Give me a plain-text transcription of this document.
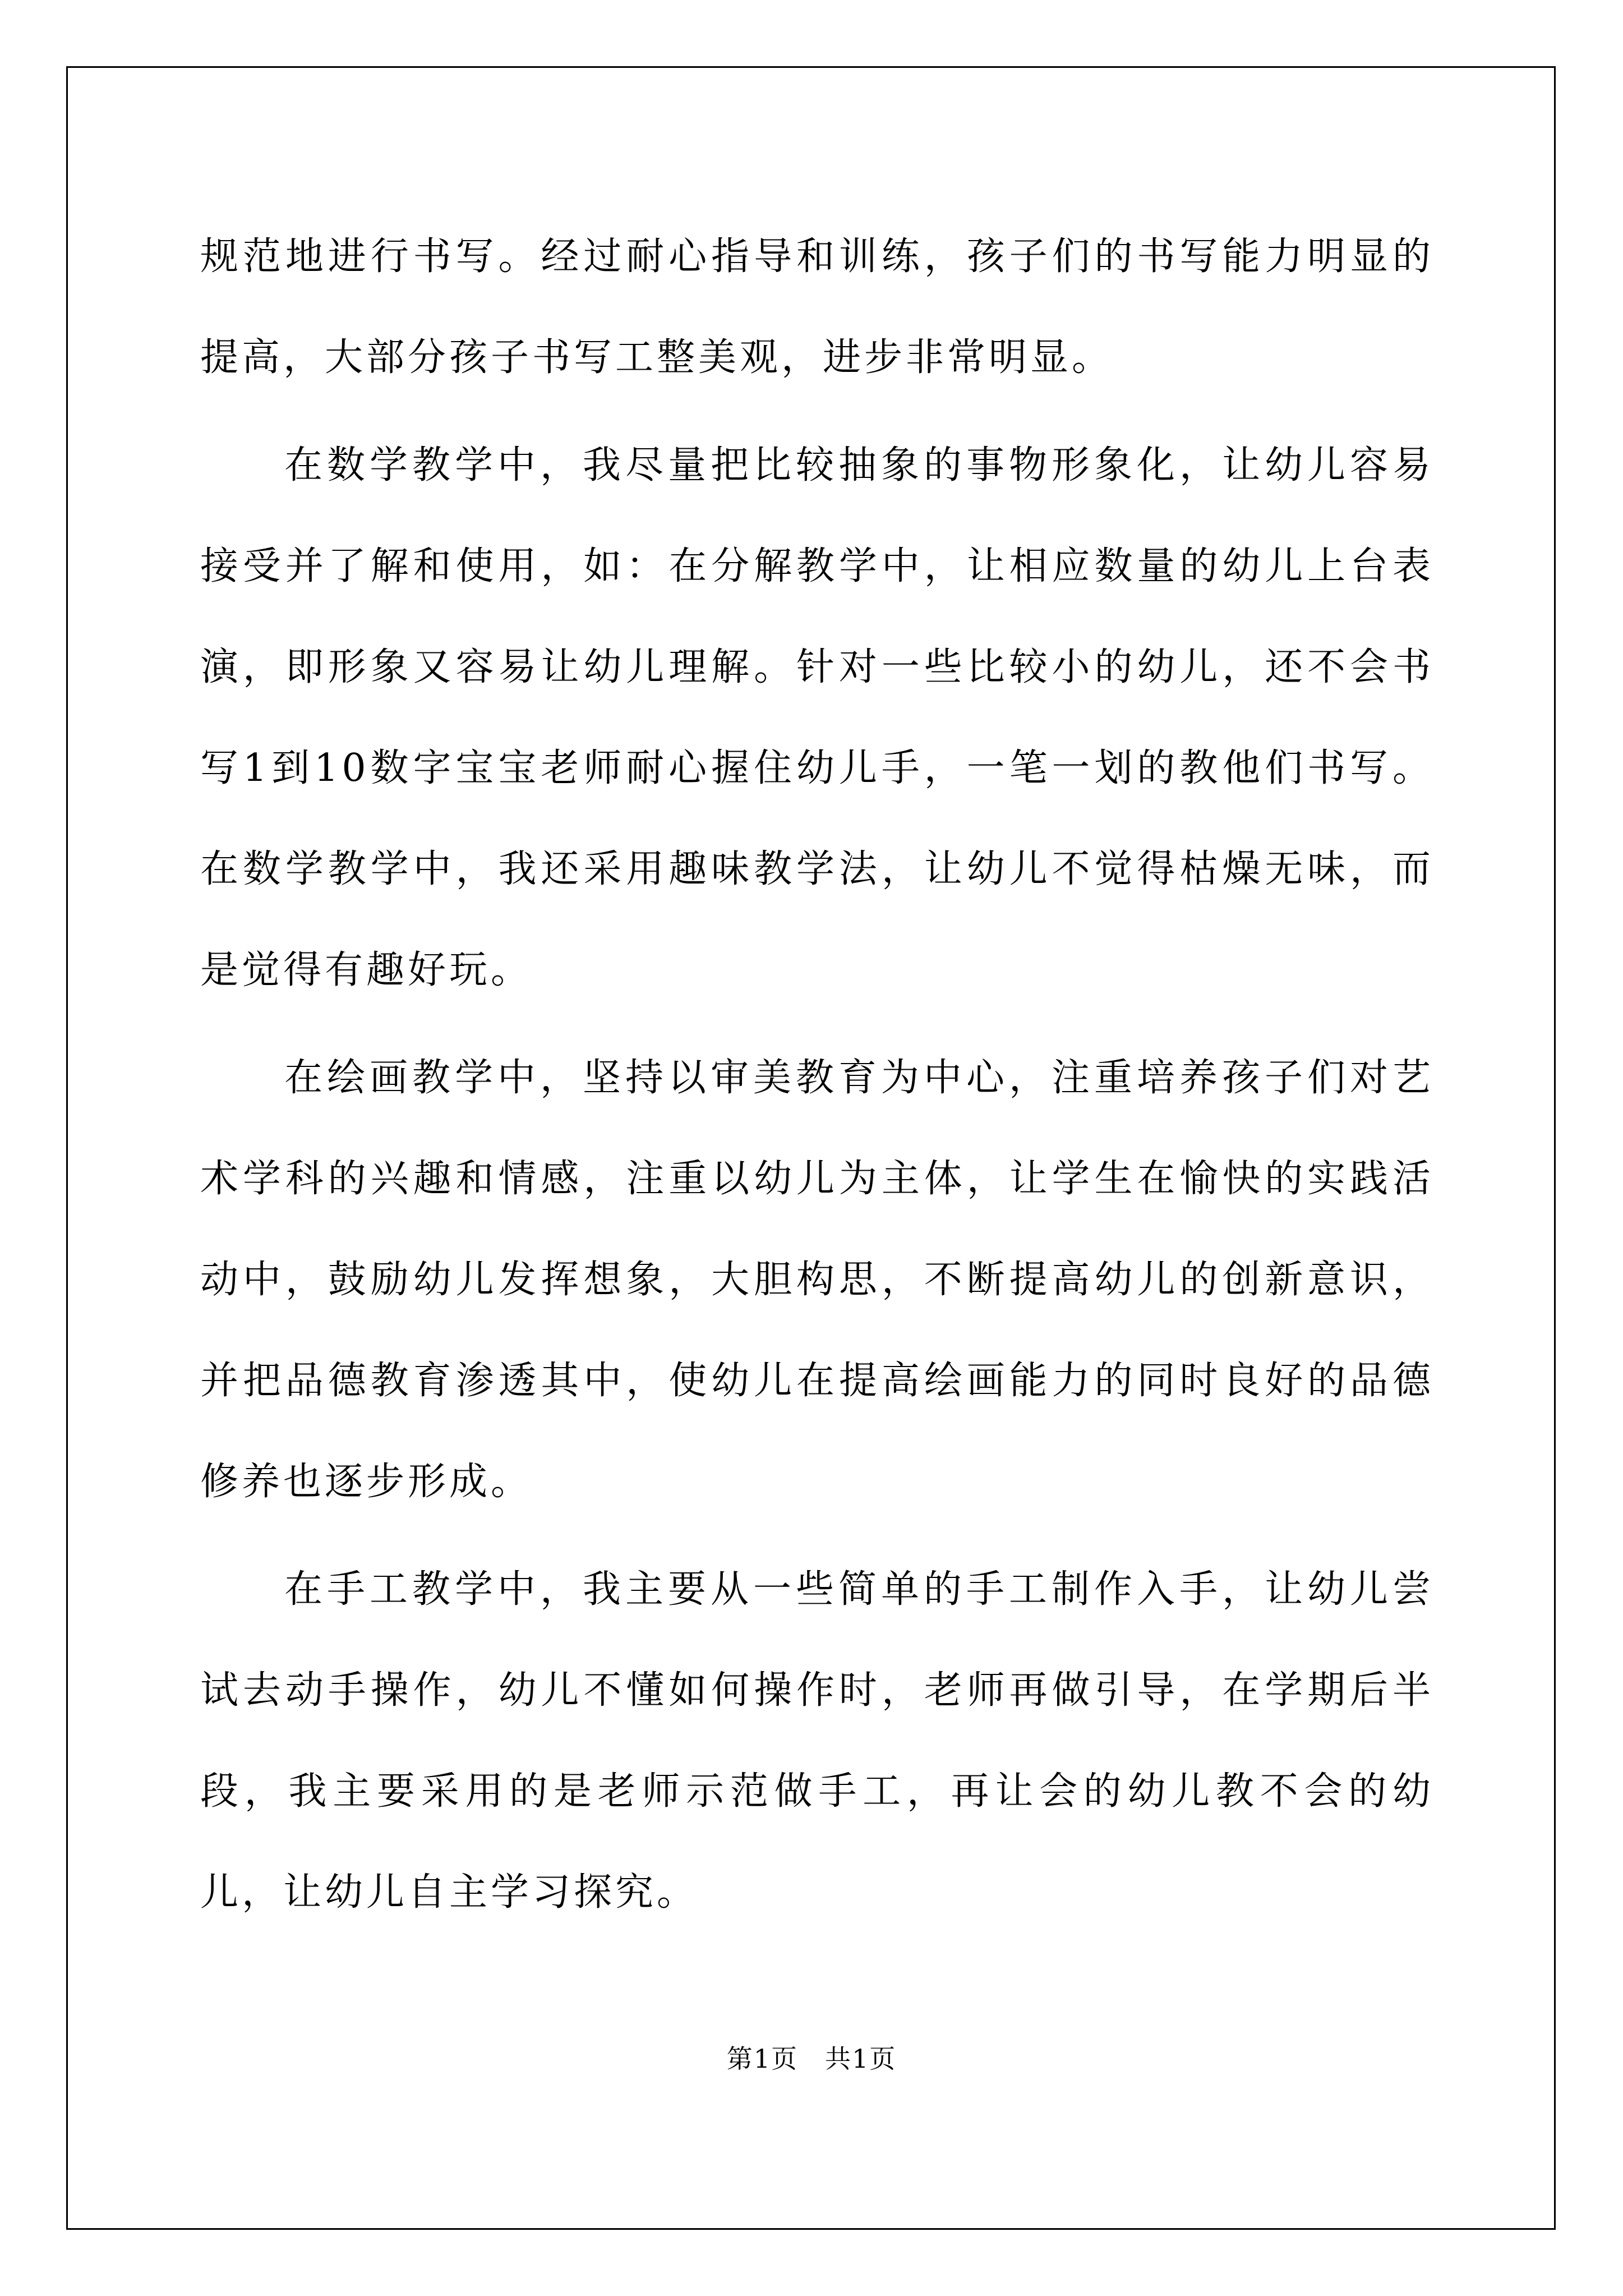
规范地进行书写。经过耐心指导和训练，孩子们的书写能力明显的提高，大部分孩子书写工整美观，进步非常明显。

在数学教学中，我尽量把比较抽象的事物形象化，让幼儿容易接受并了解和使用，如：在分解教学中，让相应数量的幼儿上台表演，即形象又容易让幼儿理解。针对一些比较小的幼儿，还不会书写1到10数字宝宝老师耐心握住幼儿手，一笔一划的教他们书写。在数学教学中，我还采用趣味教学法，让幼儿不觉得枯燥无味，而是觉得有趣好玩。

在绘画教学中，坚持以审美教育为中心，注重培养孩子们对艺术学科的兴趣和情感，注重以幼儿为主体，让学生在愉快的实践活动中，鼓励幼儿发挥想象，大胆构思，不断提高幼儿的创新意识，并把品德教育渗透其中，使幼儿在提高绘画能力的同时良好的品德修养也逐步形成。

在手工教学中，我主要从一些简单的手工制作入手，让幼儿尝试去动手操作，幼儿不懂如何操作时，老师再做引导，在学期后半段，我主要采用的是老师示范做手工，再让会的幼儿教不会的幼儿，让幼儿自主学习探究。

第1页　共1页
